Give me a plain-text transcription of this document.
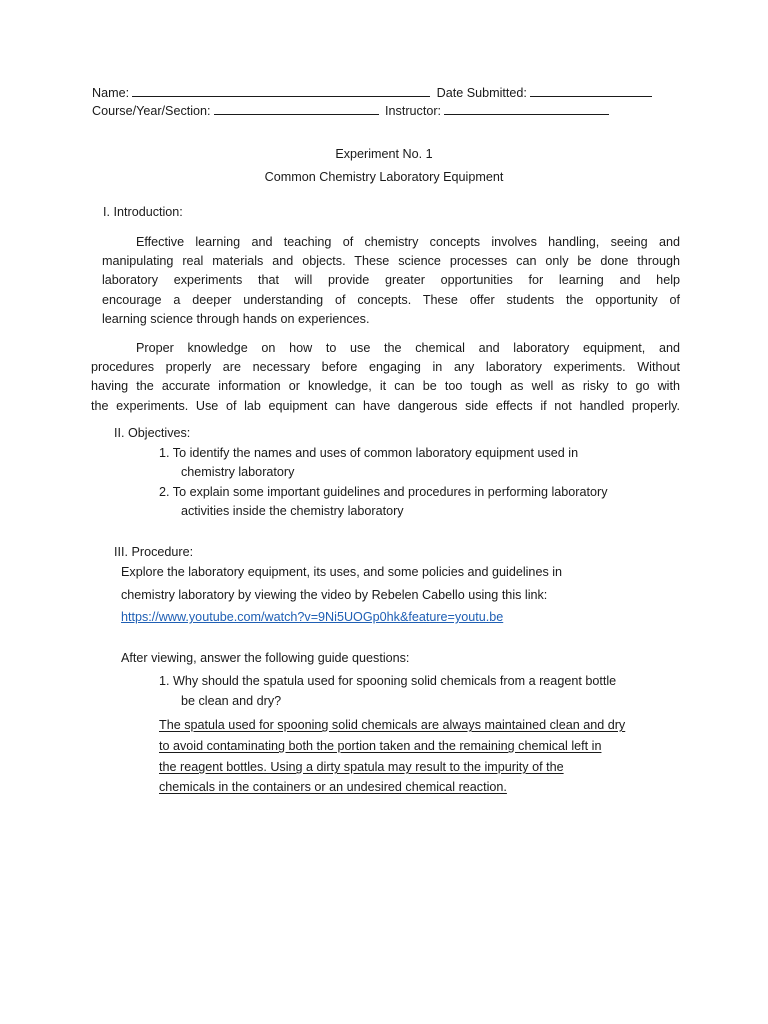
Name:	Date Submitted:
Course/Year/Section:	Instructor:
Experiment No. 1
Common Chemistry Laboratory Equipment
I. Introduction:
Effective learning and teaching of chemistry concepts involves handling, seeing and
manipulating real materials and objects. These science processes can only be done through
laboratory experiments that will provide greater opportunities for learning and help
encourage a deeper understanding of concepts. These offer students the opportunity of
learning science through hands on experiences.
Proper knowledge on how to use the chemical and laboratory equipment, and
procedures properly are necessary before engaging in any laboratory experiments. Without
having the accurate information or knowledge, it can be too tough as well as risky to go with
the experiments. Use of lab equipment can have dangerous side effects if not handled properly.
II. Objectives:
1. To identify the names and uses of common laboratory equipment used in
chemistry laboratory
2. To explain some important guidelines and procedures in performing laboratory
activities inside the chemistry laboratory
III. Procedure:
Explore the laboratory equipment, its uses, and some policies and guidelines in
chemistry laboratory by viewing the video by Rebelen Cabello using this link:
https://www.youtube.com/watch?v=9Ni5UOGp0hk&feature=youtu.be
After viewing, answer the following guide questions:
1. Why should the spatula used for spooning solid chemicals from a reagent bottle
be clean and dry?
The spatula used for spooning solid chemicals are always maintained clean and dry
to avoid contaminating both the portion taken and the remaining chemical left in
the reagent bottles. Using a dirty spatula may result to the impurity of the
chemicals in the containers or an undesired chemical reaction.
